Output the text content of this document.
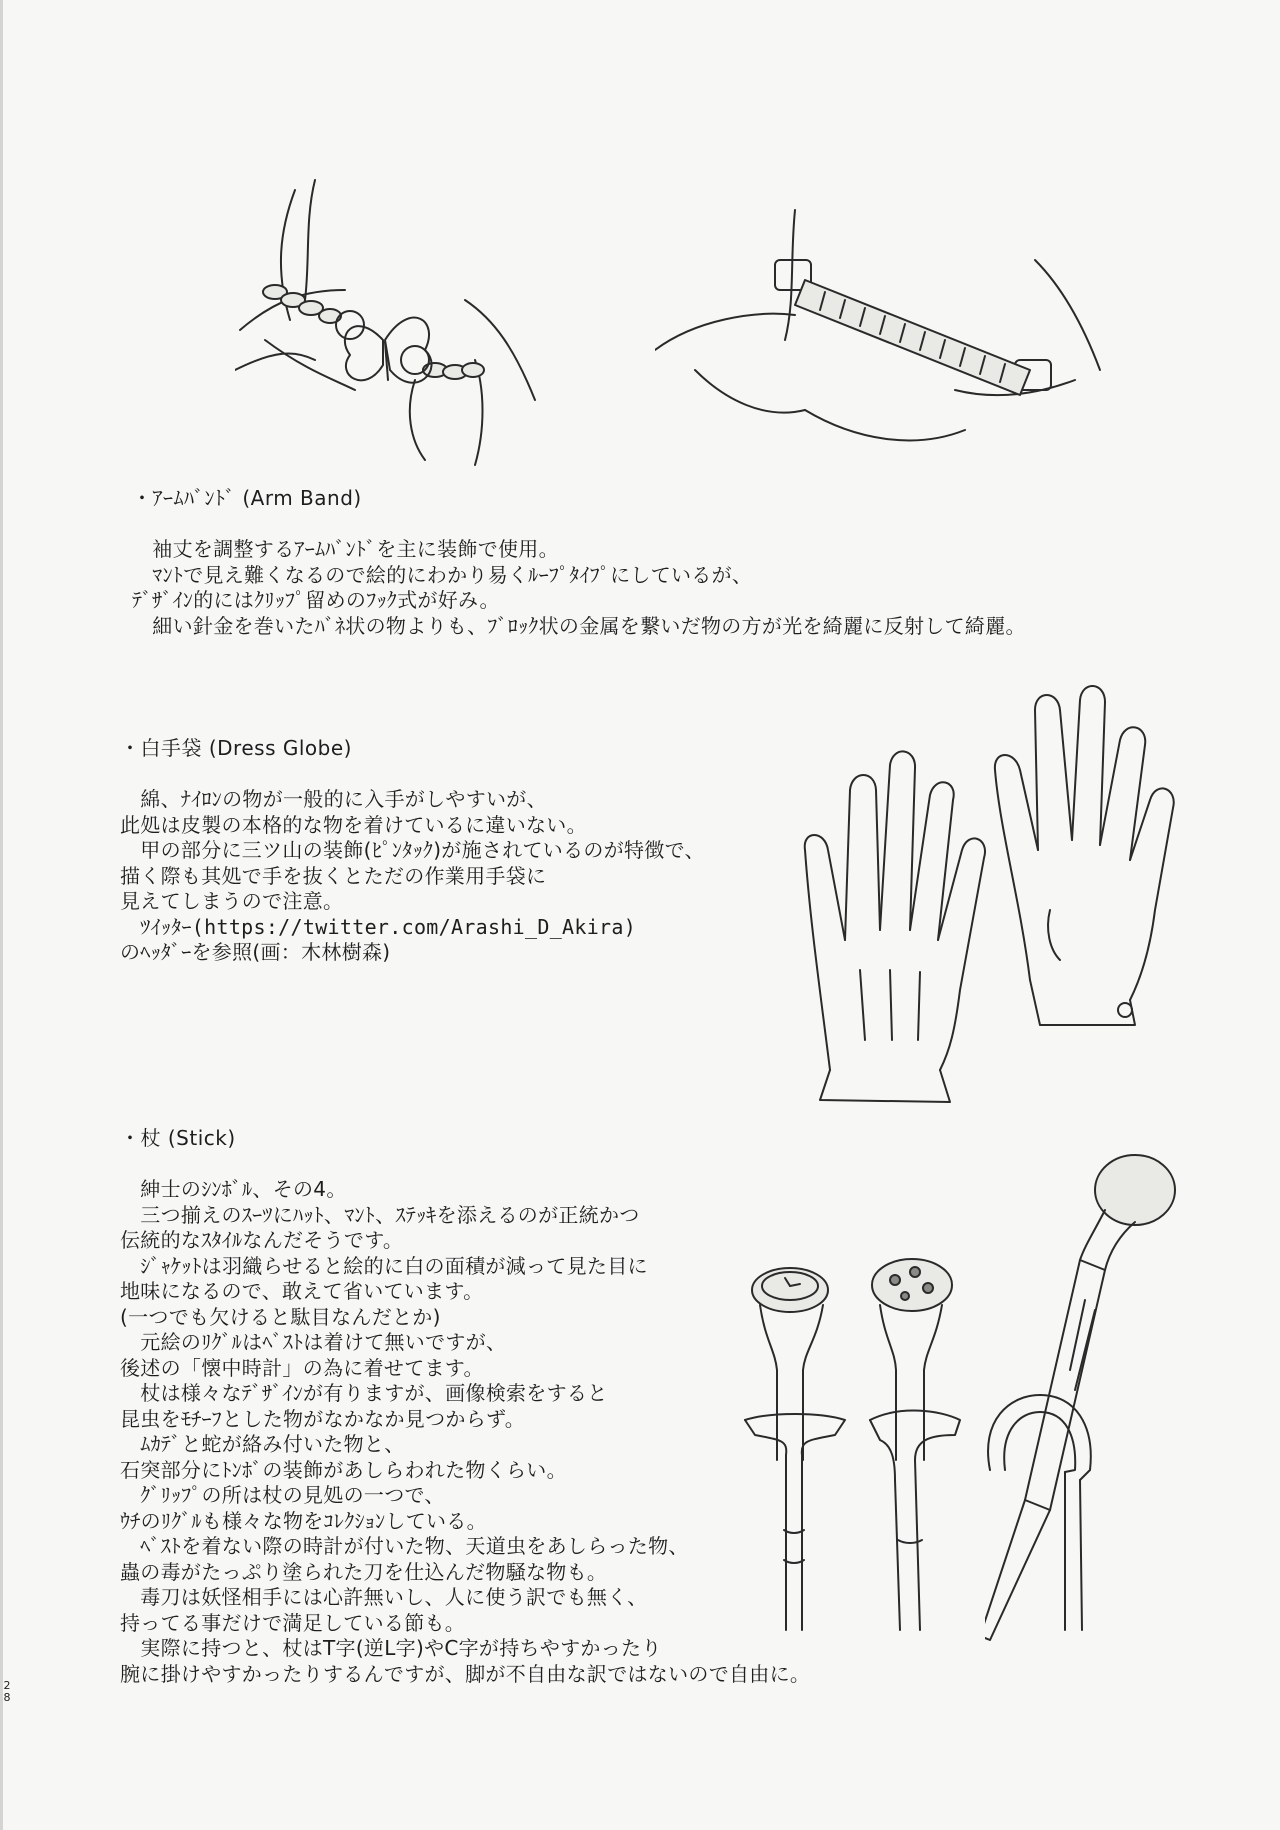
・ｱｰﾑﾊﾞﾝﾄﾞ (Arm Band)
　袖丈を調整するｱｰﾑﾊﾞﾝﾄﾞを主に装飾で使用。
　ﾏﾝﾄで見え難くなるので絵的にわかり易くﾙｰﾌﾟﾀｲﾌﾟにしているが、
ﾃﾞｻﾞｲﾝ的にはｸﾘｯﾌﾟ留めのﾌｯｸ式が好み。
　細い針金を巻いたﾊﾞﾈ状の物よりも、ﾌﾞﾛｯｸ状の金属を繋いだ物の方が光を綺麗に反射して綺麗。
・白手袋 (Dress Globe)
　綿、ﾅｲﾛﾝの物が一般的に入手がしやすいが、
此処は皮製の本格的な物を着けているに違いない。
　甲の部分に三ツ山の装飾(ﾋﾟﾝﾀｯｸ)が施されているのが特徴で、
描く際も其処で手を抜くとただの作業用手袋に
見えてしまうので注意。
　ﾂｲｯﾀｰ(https://twitter.com/Arashi_D_Akira)
のﾍｯﾀﾞｰを参照(画：木林樹森)
・杖 (Stick)
　紳士のｼﾝﾎﾞﾙ、その4。
　三つ揃えのｽｰﾂにﾊｯﾄ、ﾏﾝﾄ、ｽﾃｯｷを添えるのが正統かつ
伝統的なｽﾀｲﾙなんだそうです。
　ｼﾞｬｹｯﾄは羽織らせると絵的に白の面積が減って見た目に
地味になるので、敢えて省いています。
(一つでも欠けると駄目なんだとか)
　元絵のﾘｸﾞﾙはﾍﾞｽﾄは着けて無いですが、
後述の「懐中時計」の為に着せてます。
　杖は様々なﾃﾞｻﾞｲﾝが有りますが、画像検索をすると
昆虫をﾓﾁｰﾌとした物がなかなか見つからず。
　ﾑｶﾃﾞと蛇が絡み付いた物と、
石突部分にﾄﾝﾎﾞの装飾があしらわれた物くらい。
　ｸﾞﾘｯﾌﾟの所は杖の見処の一つで、
ｳﾁのﾘｸﾞﾙも様々な物をｺﾚｸｼｮﾝしている。
　ﾍﾞｽﾄを着ない際の時計が付いた物、天道虫をあしらった物、
蟲の毒がたっぷり塗られた刀を仕込んだ物騒な物も。
　毒刀は妖怪相手には心許無いし、人に使う訳でも無く、
持ってる事だけで満足している節も。
　実際に持つと、杖はT字(逆L字)やC字が持ちやすかったり
腕に掛けやすかったりするんですが、脚が不自由な訳ではないので自由に。
2
8
